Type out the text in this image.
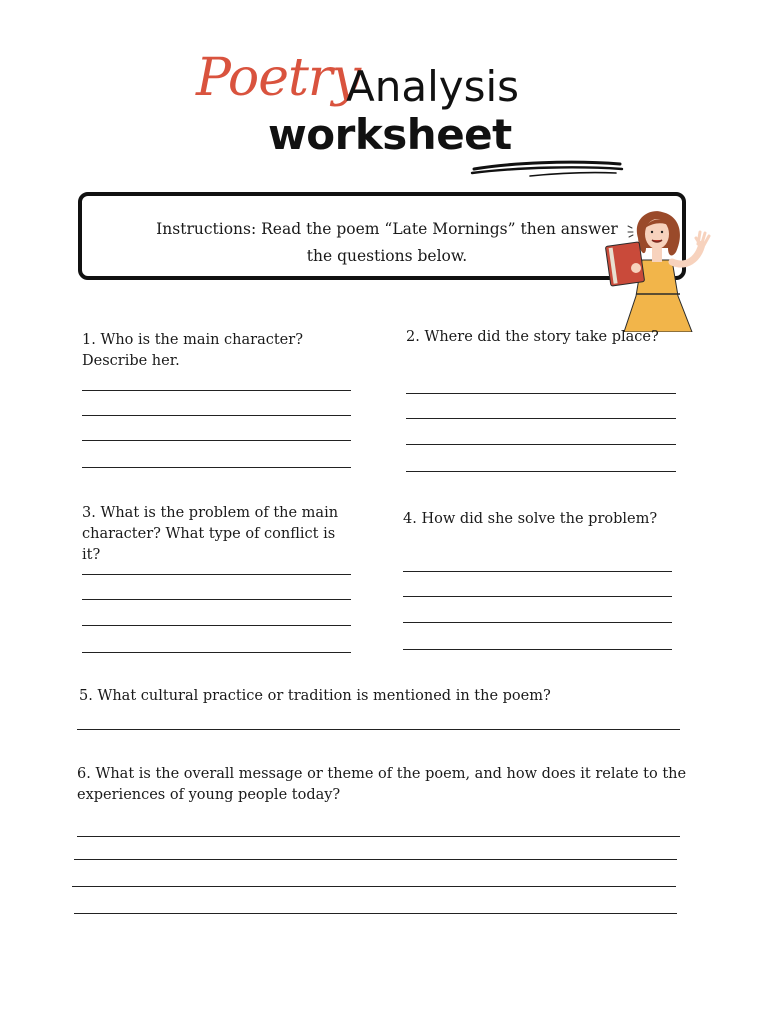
Poetry
Analysis
worksheet
Instructions: Read the poem “Late Mornings” then answer
the questions below.
1. Who is the main character?
Describe her.
2. Where did the story take place?
3. What is the problem of the main
character? What type of conflict is
it?
4. How did she solve the problem?
5. What cultural practice or tradition is mentioned in the poem?
6. What is the overall message or theme of the poem, and how does it relate to the
experiences of young people today?
